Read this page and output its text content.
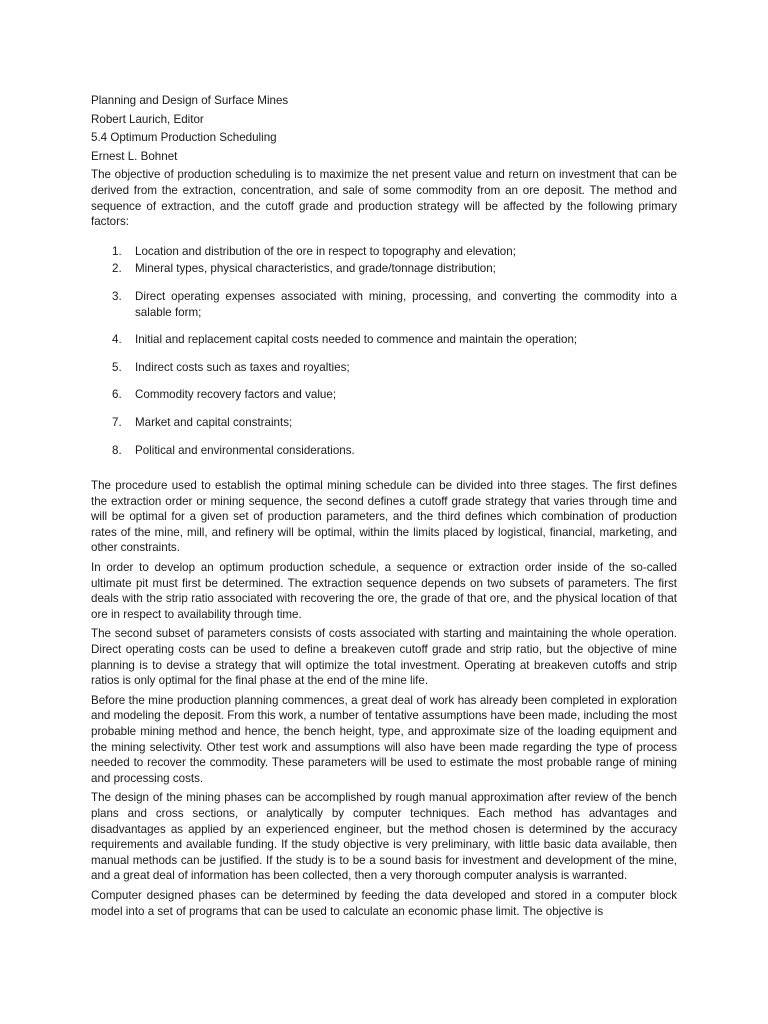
Planning and Design of Surface Mines
Robert Laurich, Editor
5.4 Optimum Production Scheduling
Ernest L. Bohnet

The objective of production scheduling is to maximize the net present value and return on investment that can be derived from the extraction, concentration, and sale of some commodity from an ore deposit. The method and sequence of extraction, and the cutoff grade and production strategy will be affected by the following primary factors:

1. Location and distribution of the ore in respect to topography and elevation;
2. Mineral types, physical characteristics, and grade/tonnage distribution;
3. Direct operating expenses associated with mining, processing, and converting the commodity into a salable form;
4. Initial and replacement capital costs needed to commence and maintain the operation;
5. Indirect costs such as taxes and royalties;
6. Commodity recovery factors and value;
7. Market and capital constraints;
8. Political and environmental considerations.

The procedure used to establish the optimal mining schedule can be divided into three stages. The first defines the extraction order or mining sequence, the second defines a cutoff grade strategy that varies through time and will be optimal for a given set of production parameters, and the third defines which combination of production rates of the mine, mill, and refinery will be optimal, within the limits placed by logistical, financial, marketing, and other constraints.

In order to develop an optimum production schedule, a sequence or extraction order inside of the so-called ultimate pit must first be determined. The extraction sequence depends on two subsets of parameters. The first deals with the strip ratio associated with recovering the ore, the grade of that ore, and the physical location of that ore in respect to availability through time.

The second subset of parameters consists of costs associated with starting and maintaining the whole operation. Direct operating costs can be used to define a breakeven cutoff grade and strip ratio, but the objective of mine planning is to devise a strategy that will optimize the total investment. Operating at breakeven cutoffs and strip ratios is only optimal for the final phase at the end of the mine life.

Before the mine production planning commences, a great deal of work has already been completed in exploration and modeling the deposit. From this work, a number of tentative assumptions have been made, including the most probable mining method and hence, the bench height, type, and approximate size of the loading equipment and the mining selectivity. Other test work and assumptions will also have been made regarding the type of process needed to recover the commodity. These parameters will be used to estimate the most probable range of mining and processing costs.

The design of the mining phases can be accomplished by rough manual approximation after review of the bench plans and cross sections, or analytically by computer techniques. Each method has advantages and disadvantages as applied by an experienced engineer, but the method chosen is determined by the accuracy requirements and available funding. If the study objective is very preliminary, with little basic data available, then manual methods can be justified. If the study is to be a sound basis for investment and development of the mine, and a great deal of information has been collected, then a very thorough computer analysis is warranted.

Computer designed phases can be determined by feeding the data developed and stored in a computer block model into a set of programs that can be used to calculate an economic phase limit. The objective is
